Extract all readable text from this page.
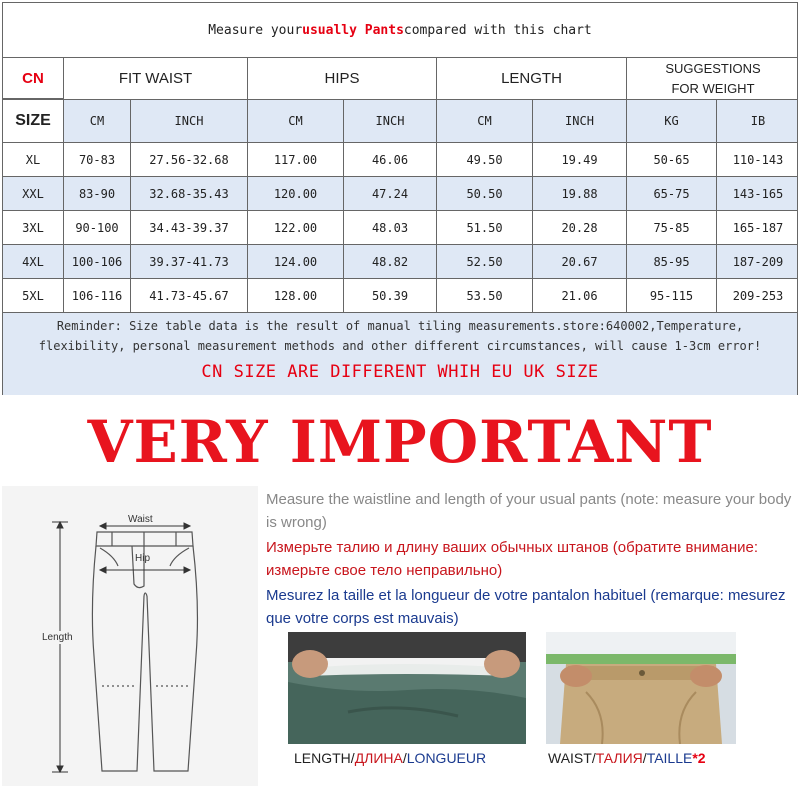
Measure your usually Pants compared with this chart
CN	FIT WAIST	HIPS	LENGTH
SUGGESTIONS
FOR WEIGHT
SIZE	CM	INCH	CM	INCH	CM	INCH	KG	IB
XL	70-83	27.56-32.68	117.00	46.06	49.50	19.49	50-65	110-143
XXL	83-90	32.68-35.43	120.00	47.24	50.50	19.88	65-75	143-165
3XL	90-100	34.43-39.37	122.00	48.03	51.50	20.28	75-85	165-187
4XL	100-106	39.37-41.73	124.00	48.82	52.50	20.67	85-95	187-209
5XL	106-116	41.73-45.67	128.00	50.39	53.50	21.06	95-115	209-253
Reminder: Size table data is the result of manual tiling measurements.store:640002,Temperature, flexibility, personal measurement methods and other different circumstances, will cause 1-3cm error!
CN SIZE ARE DIFFERENT WHIH EU UK SIZE
VERY IMPORTANT
Waist
Hip
Length

Measure the waistline and length of your usual pants (note: measure your body is wrong)

Измерьте талию и длину ваших обычных штанов (обратите внимание: измерьте свое тело неправильно)

Mesurez la taille et la longueur de votre pantalon habituel (remarque: mesurez que votre corps est mauvais)

LENGTH/ДЛИНА/LONGUEUR	WAIST/ТАЛИЯ/TAILLE*2
